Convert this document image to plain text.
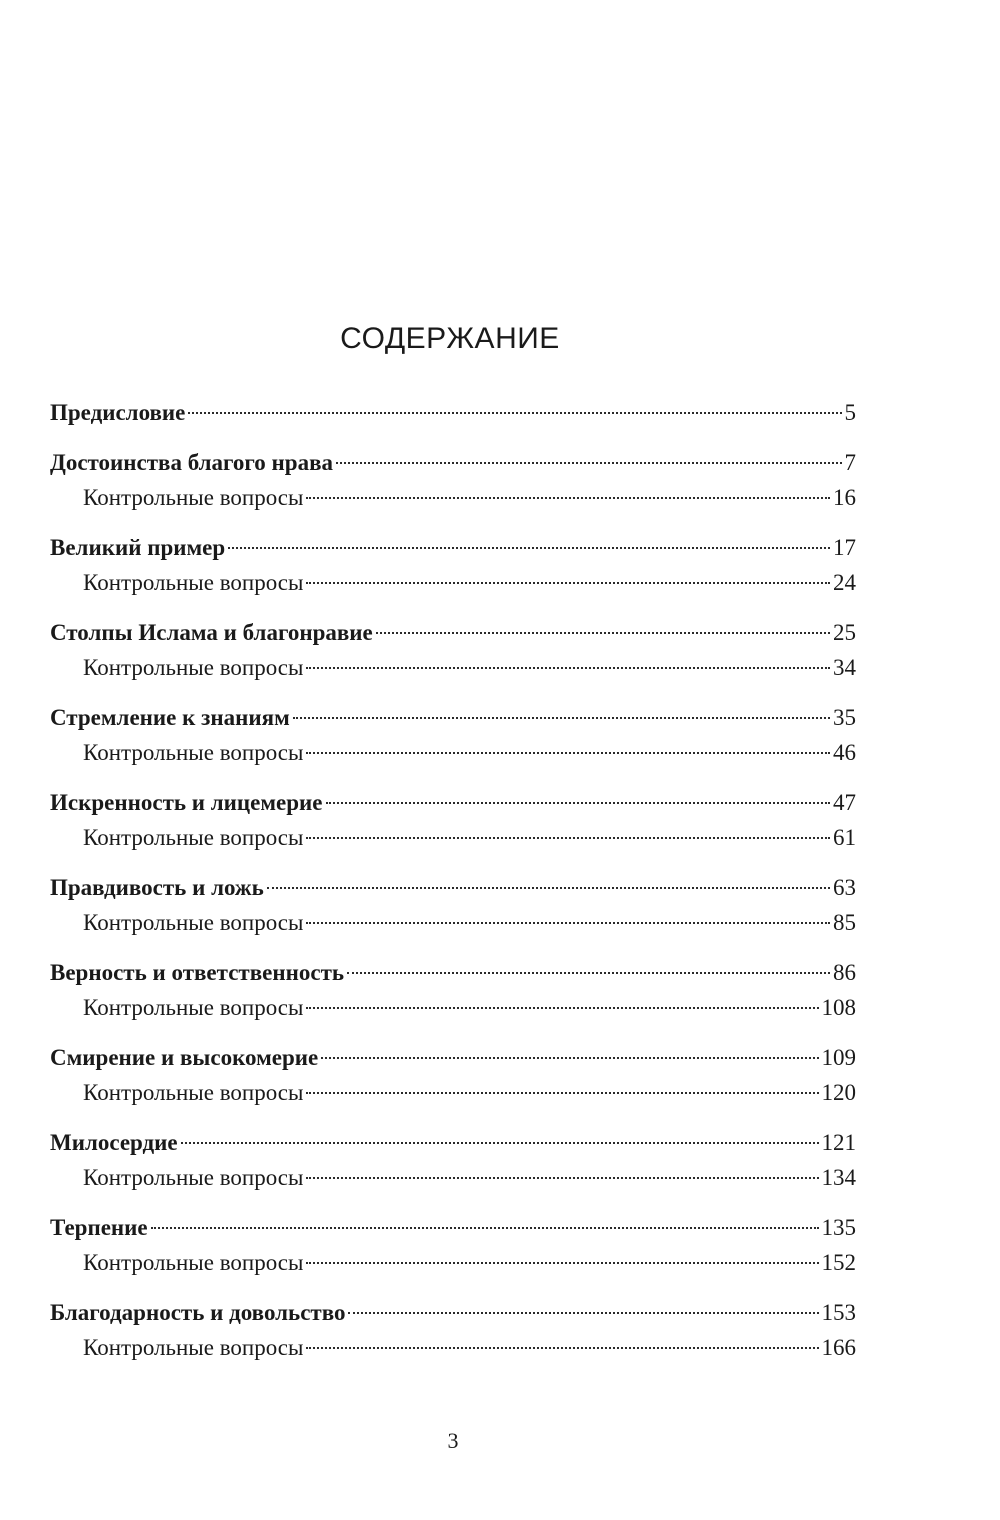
СОДЕРЖАНИЕ
Предисловие	5
Достоинства благого нрава	7
Контрольные вопросы	16
Великий пример	17
Контрольные вопросы	24
Столпы Ислама и благонравие	25
Контрольные вопросы	34
Стремление к знаниям	35
Контрольные вопросы	46
Искренность и лицемерие	47
Контрольные вопросы	61
Правдивость и ложь	63
Контрольные вопросы	85
Верность и ответственность	86
Контрольные вопросы	108
Смирение и высокомерие	109
Контрольные вопросы	120
Милосердие	121
Контрольные вопросы	134
Терпение	135
Контрольные вопросы	152
Благодарность и довольство	153
Контрольные вопросы	166
3
